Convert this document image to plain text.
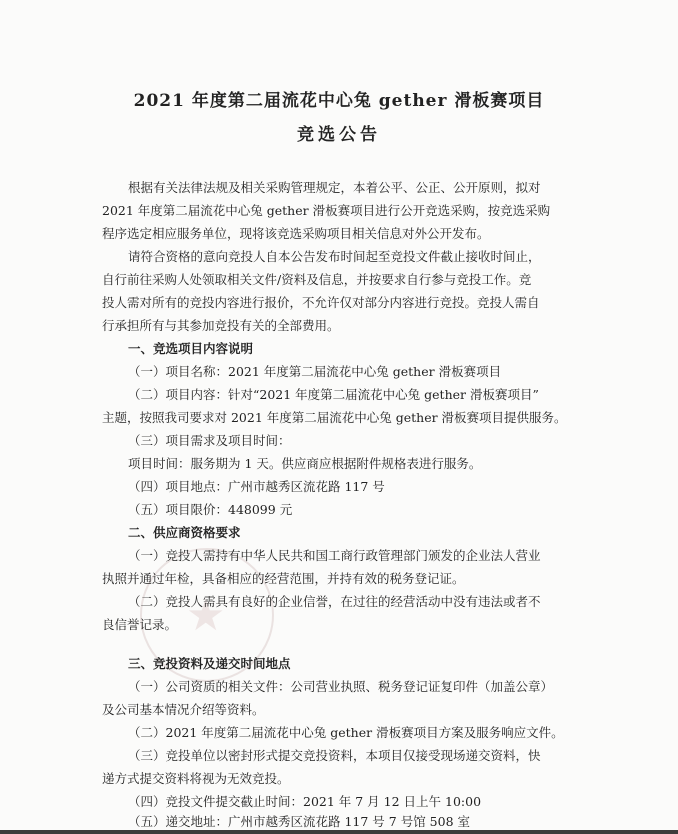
★
2021 年度第二届流花中心兔 gether 滑板赛项目
竞选公告
根据有关法律法规及相关采购管理规定，本着公平、公正、公开原则，拟对
2021 年度第二届流花中心兔 gether 滑板赛项目进行公开竞选采购，按竞选采购
程序选定相应服务单位，现将该竞选采购项目相关信息对外公开发布。
请符合资格的意向竞投人自本公告发布时间起至竞投文件截止接收时间止，
自行前往采购人处领取相关文件/资料及信息，并按要求自行参与竞投工作。竞
投人需对所有的竞投内容进行报价，不允许仅对部分内容进行竞投。竞投人需自
行承担所有与其参加竞投有关的全部费用。
一、竞选项目内容说明
（一）项目名称：2021 年度第二届流花中心兔 gether 滑板赛项目
（二）项目内容：针对“2021 年度第二届流花中心兔 gether 滑板赛项目”
主题，按照我司要求对 2021 年度第二届流花中心兔 gether 滑板赛项目提供服务。
（三）项目需求及项目时间：
项目时间：服务期为 1 天。供应商应根据附件规格表进行服务。
（四）项目地点：广州市越秀区流花路 117 号
（五）项目限价：448099 元
二、供应商资格要求
（一）竞投人需持有中华人民共和国工商行政管理部门颁发的企业法人营业
执照并通过年检，具备相应的经营范围，并持有效的税务登记证。
（二）竞投人需具有良好的企业信誉，在过往的经营活动中没有违法或者不
良信誉记录。
三、竞投资料及递交时间地点
（一）公司资质的相关文件：公司营业执照、税务登记证复印件（加盖公章）
及公司基本情况介绍等资料。
（二）2021 年度第二届流花中心兔 gether 滑板赛项目方案及服务响应文件。
（三）竞投单位以密封形式提交竞投资料，本项目仅接受现场递交资料，快
递方式提交资料将视为无效竞投。
（四）竞投文件提交截止时间：2021 年 7 月 12 日上午 10:00
（五）递交地址：广州市越秀区流花路 117 号 7 号馆 508 室
